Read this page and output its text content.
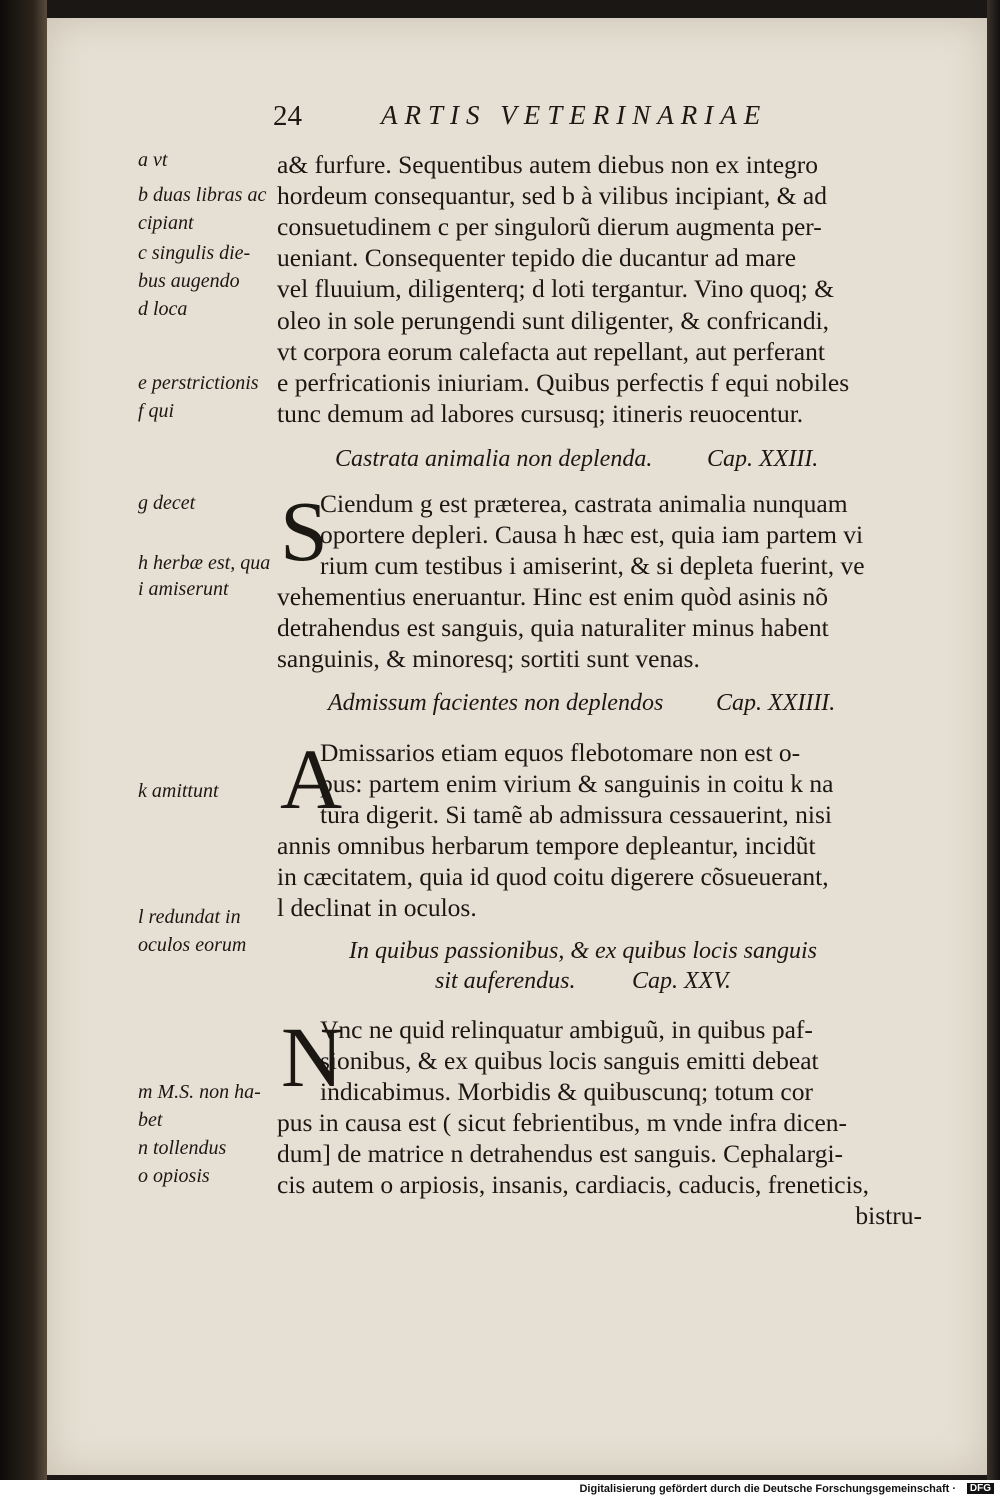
24	ARTIS VETERINARIAE
a& furfure. Sequentibus autem diebus non ex integro
hordeum consequantur, sed b à vilibus incipiant, & ad
consuetudinem c per singulorũ dierum augmenta per-
ueniant. Consequenter tepido die ducantur ad mare
vel fluuium, diligenterq; d loti tergantur. Vino quoq; &
oleo in sole perungendi sunt diligenter, & confricandi,
vt corpora eorum calefacta aut repellant, aut perferant
e perfricationis iniuriam. Quibus perfectis f equi nobiles
tunc demum ad labores cursusq; itineris reuocentur.
Castrata animalia non deplenda. Cap. XXIII.
S
Ciendum g est præterea, castrata animalia nunquam
oportere depleri. Causa h hæc est, quia iam partem vi
rium cum testibus i amiserint, & si depleta fuerint, ve
vehementius eneruantur. Hinc est enim quòd asinis nõ
detrahendus est sanguis, quia naturaliter minus habent
sanguinis, & minoresq; sortiti sunt venas.
Admissum facientes non deplendos Cap. XXIIII.
A
Dmissarios etiam equos flebotomare non est o-
pus: partem enim virium & sanguinis in coitu k na
tura digerit. Si tamẽ ab admissura cessauerint, nisi
annis omnibus herbarum tempore depleantur, incidũt
in cæcitatem, quia id quod coitu digerere cõsueuerant,
l declinat in oculos.
In quibus passionibus, & ex quibus locis sanguis
sit auferendus. Cap. XXV.
N
Vnc ne quid relinquatur ambiguũ, in quibus paf-
sionibus, & ex quibus locis sanguis emitti debeat
indicabimus. Morbidis & quibuscunq; totum cor
pus in causa est ( sicut febrientibus, m vnde infra dicen-
dum] de matrice n detrahendus est sanguis. Cephalargi-
cis autem o arpiosis, insanis, cardiacis, caducis, freneticis,
bistru-
a vt
b duas libras ac
cipiant
c singulis die-
bus augendo
d loca
e perstrictionis
f qui
g decet
h herbæ est, qua
i amiserunt
k amittunt
l redundat in
oculos eorum
m M.S. non ha-
bet
n tollendus
o opiosis
Digitalisierung gefördert durch die Deutsche Forschungsgemeinschaft ·	DFG
